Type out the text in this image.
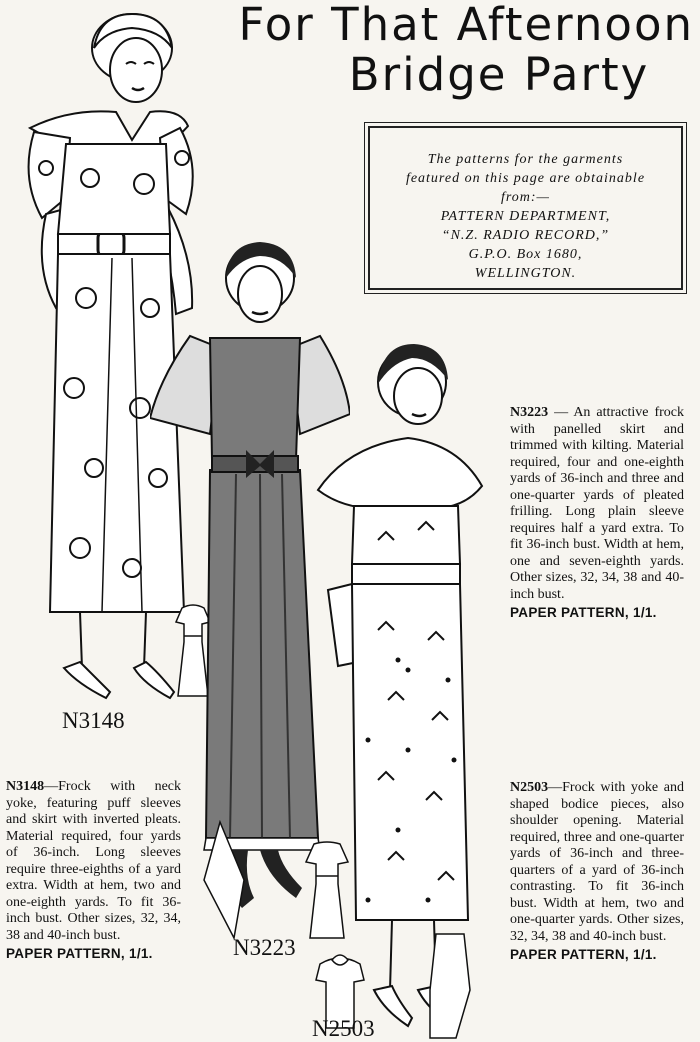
For That Afternoon
Bridge Party
The patterns for the garments featured on this page are obtainable
from:—
PATTERN DEPARTMENT,
“N.Z. RADIO RECORD,”
G.P.O. Box 1680,
WELLINGTON.
N3148
N3223
N2503
N3148—Frock with neck yoke, featuring puff sleeves and skirt with inverted pleats. Material required, four yards of 36-inch. Long sleeves require three-eighths of a yard extra. Width at hem, two and one-eighth yards. To fit 36-inch bust. Other sizes, 32, 34, 38 and 40-inch bust.
PAPER PATTERN, 1/1.
N3223 — An attractive frock with panelled skirt and trimmed with kilting. Material required, four and one-eighth yards of 36-inch and three and one-quarter yards of pleated frilling. Long plain sleeve requires half a yard extra. To fit 36-inch bust. Width at hem, one and seven-eighth yards. Other sizes, 32, 34, 38 and 40-inch bust.
PAPER PATTERN, 1/1.
N2503—Frock with yoke and shaped bodice pieces, also shoulder opening. Material required, three and one-quarter yards of 36-inch and three-quarters of a yard of 36-inch contrasting. To fit 36-inch bust. Width at hem, two and one-quarter yards. Other sizes, 32, 34, 38 and 40-inch bust.
PAPER PATTERN, 1/1.
